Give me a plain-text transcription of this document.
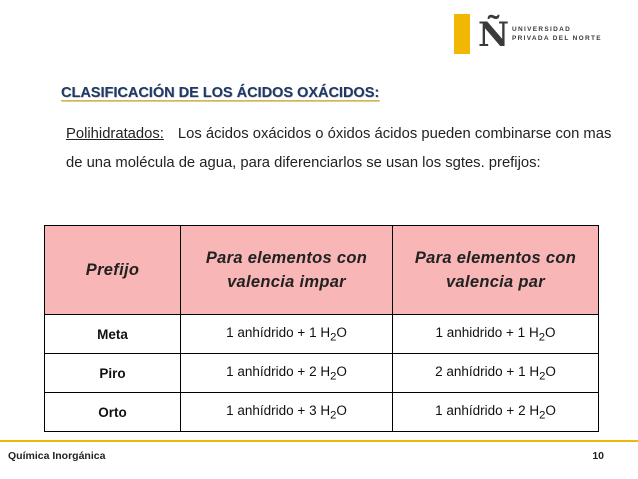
Ñ UNIVERSIDAD
PRIVADA DEL NORTE
CLASIFICACIÓN DE LOS ÁCIDOS OXÁCIDOS:
Polihidratados: Los ácidos oxácidos o óxidos ácidos pueden combinarse con mas de una molécula de agua, para diferenciarlos se usan los sgtes. prefijos:
Prefijo	Para elementos con valencia impar	Para elementos con valencia par
Meta	1 anhídrido + 1 $H_2O$	1 anhidrido + 1 $H_2O$
Piro	1 anhídrido + 2 $H_2O$	2 anhídrido + 1 $H_2O$
Orto	1 anhídrido + 3 $H_2O$	1 anhídrido + 2 $H_2O$
Química Inorgánica	10
